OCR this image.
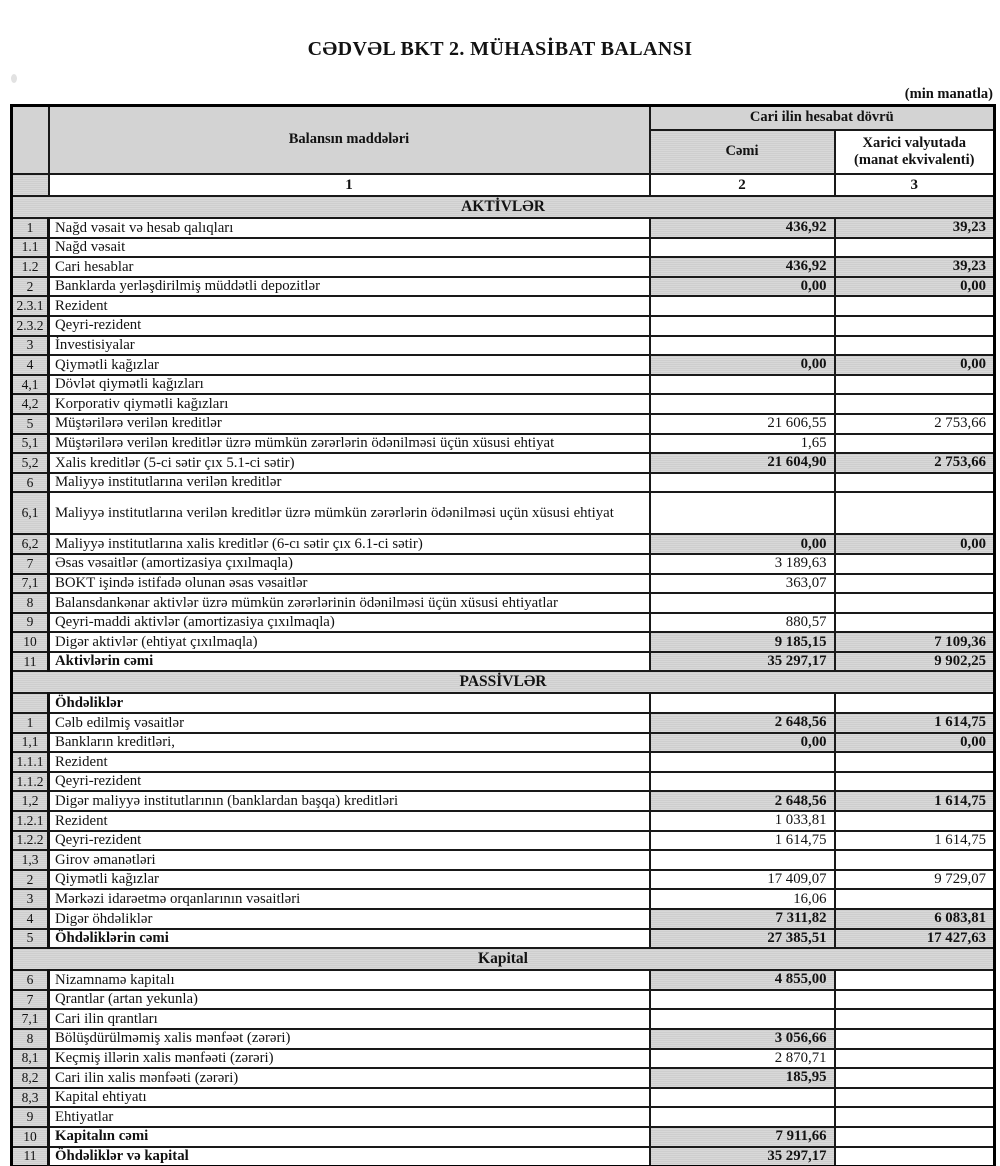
CƏDVƏL BKT 2. MÜHASİBAT BALANSI
(min manatla)
	Balansın maddələri	Cari ilin hesabat dövrü	
		Cəmi	Xarici valyutada (manat ekvivalenti)
	1	2	3
AKTİVLƏR			
1	Nağd vəsait və hesab qalıqları	436,92	39,23
1.1	Nağd vəsait		
1.2	Cari hesablar	436,92	39,23
2	Banklarda yerləşdirilmiş müddətli depozitlər	0,00	0,00
2.3.1	Rezident		
2.3.2	Qeyri-rezident		
3	İnvestisiyalar		
4	Qiymətli kağızlar	0,00	0,00
4,1	Dövlət qiymətli kağızları		
4,2	Korporativ qiymətli kağızları		
5	Müştərilərə verilən kreditlər	21 606,55	2 753,66
5,1	Müştərilərə verilən kreditlər üzrə mümkün zərərlərin ödənilməsi üçün xüsusi ehtiyat	1,65	
5,2	Xalis kreditlər (5-ci sətir çıx 5.1-ci sətir)	21 604,90	2 753,66
6	Maliyyə institutlarına verilən kreditlər		
6,1	Maliyyə institutlarına verilən kreditlər üzrə mümkün zərərlərin ödənilməsi uçün xüsusi ehtiyat		
6,2	Maliyyə institutlarına xalis kreditlər (6-cı sətir çıx 6.1-ci sətir)	0,00	0,00
7	Əsas vəsaitlər (amortizasiya çıxılmaqla)	3 189,63	
7,1	BOKT işində istifadə olunan əsas vəsaitlər	363,07	
8	Balansdankənar aktivlər üzrə mümkün zərərlərinin ödənilməsi üçün xüsusi ehtiyatlar		
9	Qeyri-maddi aktivlər (amortizasiya çıxılmaqla)	880,57	
10	Digər aktivlər (ehtiyat çıxılmaqla)	9 185,15	7 109,36
11	Aktivlərin cəmi	35 297,17	9 902,25
PASSİVLƏR			
	Öhdəliklər		
1	Cəlb edilmiş vəsaitlər	2 648,56	1 614,75
1,1	Bankların kreditləri,	0,00	0,00
1.1.1	Rezident		
1.1.2	Qeyri-rezident		
1,2	Digər maliyyə institutlarının (banklardan başqa) kreditləri	2 648,56	1 614,75
1.2.1	Rezident	1 033,81	
1.2.2	Qeyri-rezident	1 614,75	1 614,75
1,3	Girov əmanətləri		
2	Qiymətli kağızlar	17 409,07	9 729,07
3	Mərkəzi idarəetmə orqanlarının vəsaitləri	16,06	
4	Digər öhdəliklər	7 311,82	6 083,81
5	Öhdəliklərin cəmi	27 385,51	17 427,63
Kapital			
6	Nizamnamə kapitalı	4 855,00	
7	Qrantlar (artan yekunla)		
7,1	Cari ilin qrantları		
8	Bölüşdürülməmiş xalis mənfəət (zərəri)	3 056,66	
8,1	Keçmiş illərin xalis mənfəəti (zərəri)	2 870,71	
8,2	Cari ilin xalis mənfəəti (zərəri)	185,95	
8,3	Kapital ehtiyatı		
9	Ehtiyatlar		
10	Kapitalın cəmi	7 911,66	
11	Öhdəliklər və kapital	35 297,17	
